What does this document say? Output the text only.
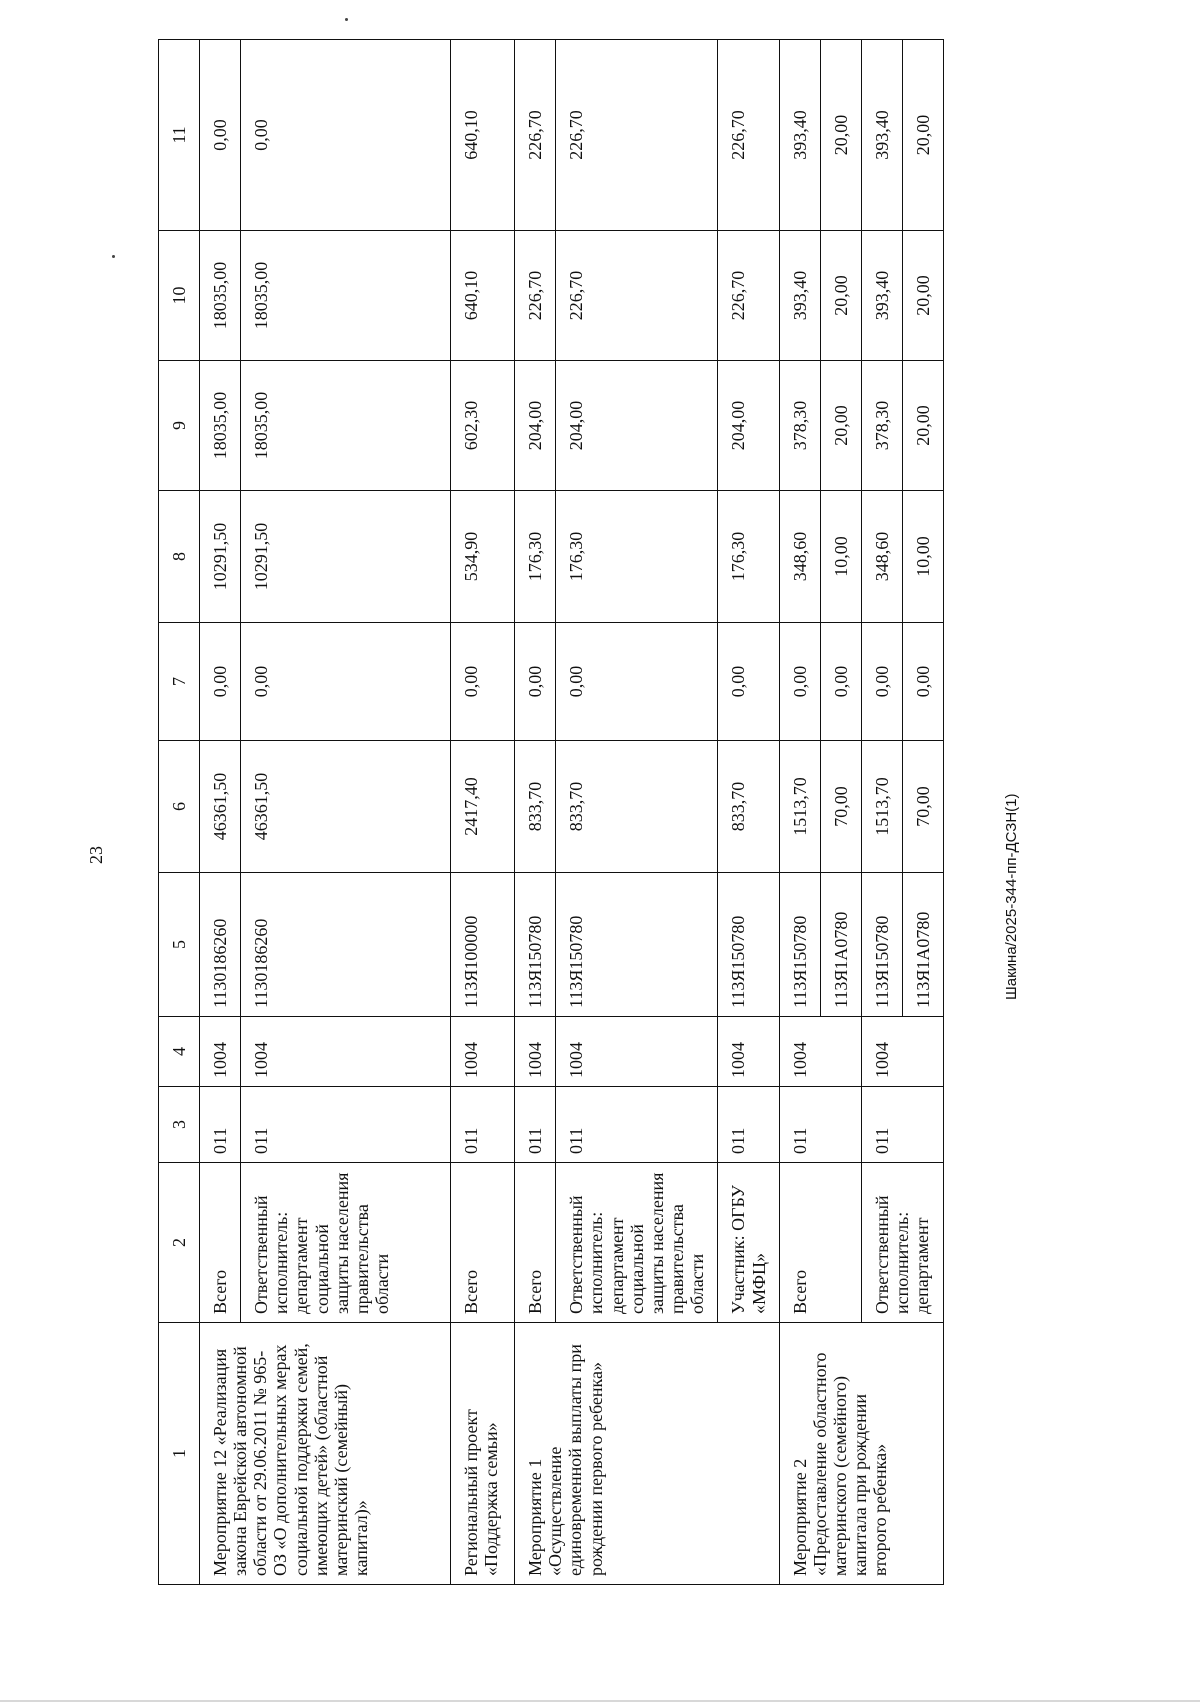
23	Шакина/2025-344-пп-ДСЗН(1)
1	2	3	4	5	6	7	8	9	10	11
Мероприятие 12 «Реализация закона Еврейской автономной области от 29.06.2011 № 965-ОЗ «О дополнительных мерах социальной поддержки семей, имеющих детей» (областной материнский (семейный) капитал)»	Всего	011	1004	1130186260	46361,50	0,00	10291,50	18035,00	18035,00	0,00
	Ответственный исполнитель: департамент социальной защиты населения правительства области	011	1004	1130186260	46361,50	0,00	10291,50	18035,00	18035,00	0,00
Региональный проект «Поддержка семьи»	Всего	011	1004	113Я100000	2417,40	0,00	534,90	602,30	640,10	640,10
Мероприятие 1 «Осуществление единовременной выплаты при рождении первого ребенка»	Всего	011	1004	113Я150780	833,70	0,00	176,30	204,00	226,70	226,70
	Ответственный исполнитель: департамент социальной защиты населения правительства области	011	1004	113Я150780	833,70	0,00	176,30	204,00	226,70	226,70
	Участник: ОГБУ «МФЦ»	011	1004	113Я150780	833,70	0,00	176,30	204,00	226,70	226,70
Мероприятие 2 «Предоставление областного материнского (семейного) капитала при рождении второго ребенка»	Всего	011	1004	113Я150780	1513,70	0,00	348,60	378,30	393,40	393,40
				113Я1А0780	70,00	0,00	10,00	20,00	20,00	20,00
	Ответственный исполнитель: департамент	011	1004	113Я150780	1513,70	0,00	348,60	378,30	393,40	393,40
				113Я1А0780	70,00	0,00	10,00	20,00	20,00	20,00
